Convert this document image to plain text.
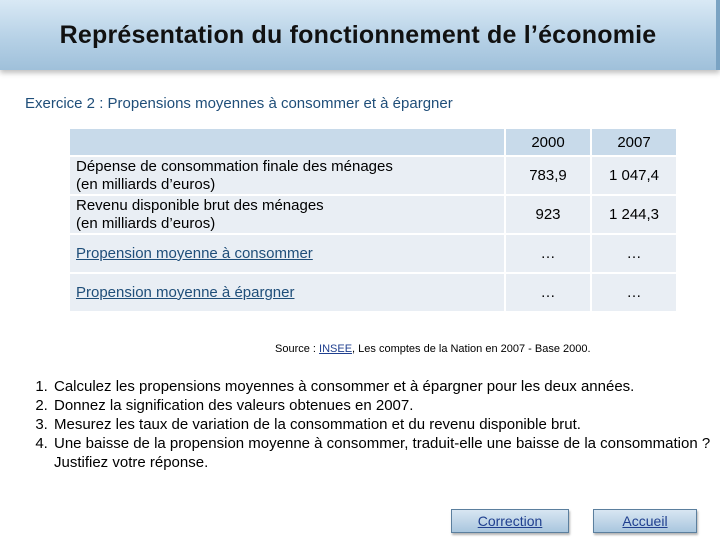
Représentation du fonctionnement de l’économie
Exercice 2 : Propensions moyennes à consommer et à épargner
	2000	2007
Dépense de consommation finale des ménages
(en milliards d’euros)	783,9	1 047,4
Revenu disponible brut des ménages
(en milliards d’euros)	923	1 244,3
Propension moyenne à consommer	…	…
Propension moyenne à épargner	…	…
Source : INSEE, Les comptes de la Nation en 2007 - Base 2000.
1. Calculez les propensions moyennes à consommer et à épargner pour les deux années.
2. Donnez la signification des valeurs obtenues en 2007.
3. Mesurez les taux de variation de la consommation et du revenu disponible brut.
4. Une baisse de la propension moyenne à consommer, traduit-elle une baisse de la consommation ? Justifiez votre réponse.
Correction	Accueil
